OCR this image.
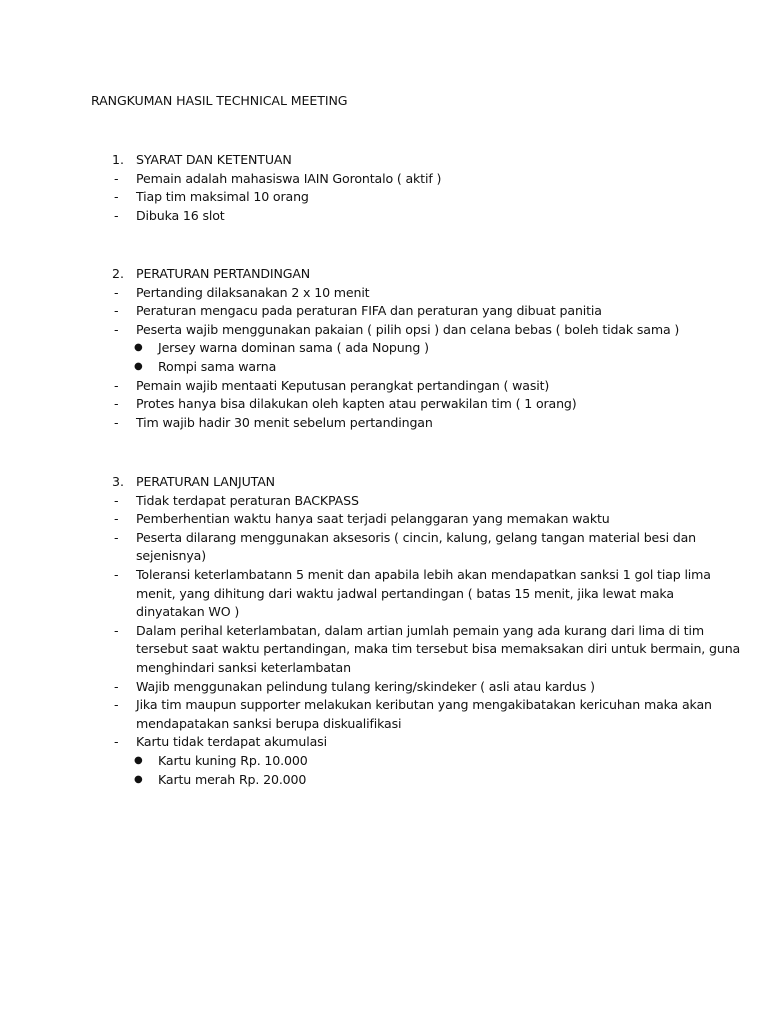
RANGKUMAN HASIL TECHNICAL MEETING
1. SYARAT DAN KETENTUAN
- Pemain adalah mahasiswa IAIN Gorontalo ( aktif )
- Tiap tim maksimal 10 orang
- Dibuka 16 slot
2. PERATURAN PERTANDINGAN
- Pertanding dilaksanakan 2 x 10 menit
- Peraturan mengacu pada peraturan FIFA dan peraturan yang dibuat panitia
- Peserta wajib menggunakan pakaian ( pilih opsi ) dan celana bebas ( boleh tidak sama )
● Jersey warna dominan sama ( ada Nopung )
● Rompi sama warna
- Pemain wajib mentaati Keputusan perangkat pertandingan ( wasit)
- Protes hanya bisa dilakukan oleh kapten atau perwakilan tim ( 1 orang)
- Tim wajib hadir 30 menit sebelum pertandingan
3. PERATURAN LANJUTAN
- Tidak terdapat peraturan BACKPASS
- Pemberhentian waktu hanya saat terjadi pelanggaran yang memakan waktu
- Peserta dilarang menggunakan aksesoris ( cincin, kalung, gelang tangan material besi dan
sejenisnya)
- Toleransi keterlambatann 5 menit dan apabila lebih akan mendapatkan sanksi 1 gol tiap lima
menit, yang dihitung dari waktu jadwal pertandingan ( batas 15 menit, jika lewat maka
dinyatakan WO )
- Dalam perihal keterlambatan, dalam artian jumlah pemain yang ada kurang dari lima di tim
tersebut saat waktu pertandingan, maka tim tersebut bisa memaksakan diri untuk bermain, guna
menghindari sanksi keterlambatan
- Wajib menggunakan pelindung tulang kering/skindeker ( asli atau kardus )
- Jika tim maupun supporter melakukan keributan yang mengakibatakan kericuhan maka akan
mendapatakan sanksi berupa diskualifikasi
- Kartu tidak terdapat akumulasi
● Kartu kuning Rp. 10.000
● Kartu merah Rp. 20.000
